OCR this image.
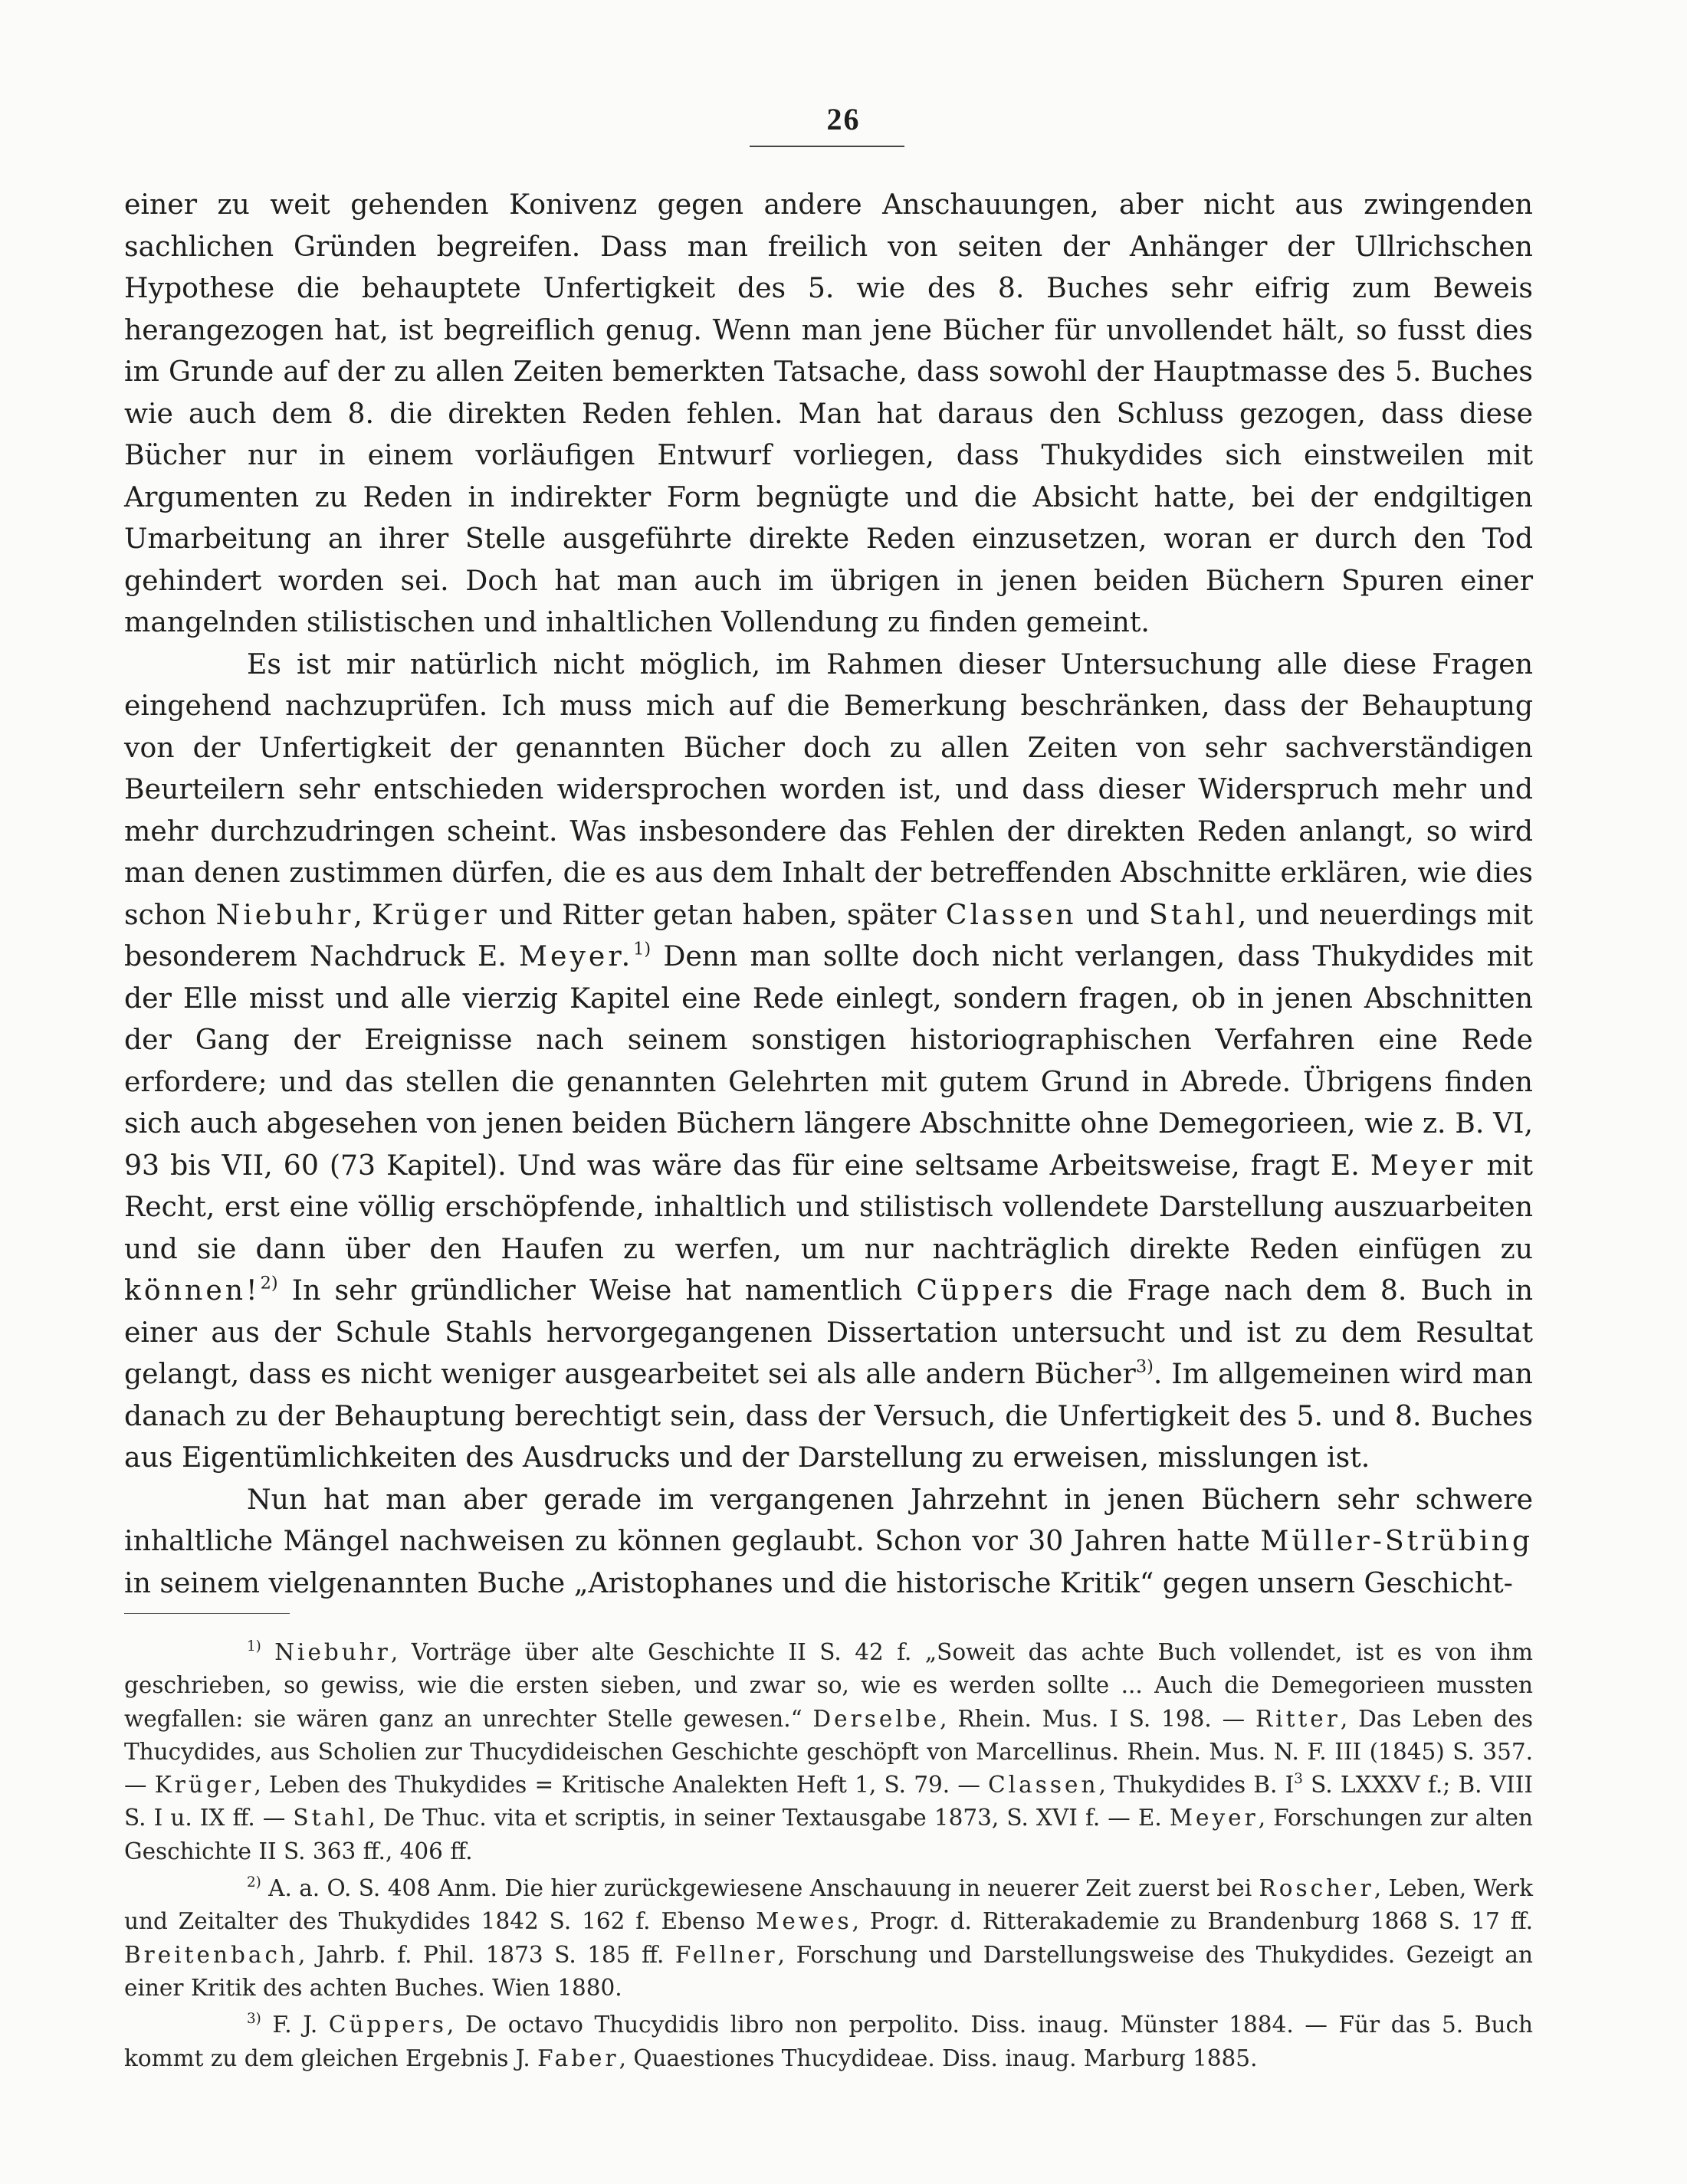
26

einer zu weit gehenden Konivenz gegen andere Anschauungen, aber nicht aus zwingenden sachlichen Gründen begreifen. Dass man freilich von seiten der Anhänger der Ullrichschen Hypothese die behauptete Unfertigkeit des 5. wie des 8. Buches sehr eifrig zum Beweis herangezogen hat, ist begreiflich genug. Wenn man jene Bücher für unvollendet hält, so fusst dies im Grunde auf der zu allen Zeiten bemerkten Tatsache, dass sowohl der Hauptmasse des 5. Buches wie auch dem 8. die direkten Reden fehlen. Man hat daraus den Schluss gezogen, dass diese Bücher nur in einem vorläufigen Entwurf vorliegen, dass Thukydides sich einstweilen mit Argumenten zu Reden in indirekter Form begnügte und die Absicht hatte, bei der endgiltigen Umarbeitung an ihrer Stelle ausgeführte direkte Reden einzusetzen, woran er durch den Tod gehindert worden sei. Doch hat man auch im übrigen in jenen beiden Büchern Spuren einer mangelnden stilistischen und inhaltlichen Vollendung zu finden gemeint.

Es ist mir natürlich nicht möglich, im Rahmen dieser Untersuchung alle diese Fragen eingehend nachzuprüfen. Ich muss mich auf die Bemerkung beschränken, dass der Behauptung von der Unfertigkeit der genannten Bücher doch zu allen Zeiten von sehr sachverständigen Beurteilern sehr entschieden widersprochen worden ist, und dass dieser Widerspruch mehr und mehr durchzudringen scheint. Was insbesondere das Fehlen der direkten Reden anlangt, so wird man denen zustimmen dürfen, die es aus dem Inhalt der betreffenden Abschnitte erklären, wie dies schon Niebuhr, Krüger und Ritter getan haben, später Classen und Stahl, und neuerdings mit besonderem Nachdruck E. Meyer.$^{1)}$ Denn man sollte doch nicht verlangen, dass Thukydides mit der Elle misst und alle vierzig Kapitel eine Rede einlegt, sondern fragen, ob in jenen Abschnitten der Gang der Ereignisse nach seinem sonstigen historiographischen Verfahren eine Rede erfordere; und das stellen die genannten Gelehrten mit gutem Grund in Abrede. Übrigens finden sich auch abgesehen von jenen beiden Büchern längere Abschnitte ohne Demegorieen, wie z. B. VI, 93 bis VII, 60 (73 Kapitel). Und was wäre das für eine seltsame Arbeitsweise, fragt E. Meyer mit Recht, erst eine völlig erschöpfende, inhaltlich und stilistisch vollendete Darstellung auszuarbeiten und sie dann über den Haufen zu werfen, um nur nachträglich direkte Reden einfügen zu können!$^{2)}$ In sehr gründlicher Weise hat namentlich Cüppers die Frage nach dem 8. Buch in einer aus der Schule Stahls hervorgegangenen Dissertation untersucht und ist zu dem Resultat gelangt, dass es nicht weniger ausgearbeitet sei als alle andern Bücher$^{3)}$. Im allgemeinen wird man danach zu der Behauptung berechtigt sein, dass der Versuch, die Unfertigkeit des 5. und 8. Buches aus Eigentümlichkeiten des Ausdrucks und der Darstellung zu erweisen, misslungen ist.

Nun hat man aber gerade im vergangenen Jahrzehnt in jenen Büchern sehr schwere inhaltliche Mängel nachweisen zu können geglaubt. Schon vor 30 Jahren hatte Müller-Strübing in seinem vielgenannten Buche „Aristophanes und die historische Kritik“ gegen unsern Geschicht-

$^{1)}$ Niebuhr, Vorträge über alte Geschichte II S. 42 f. „Soweit das achte Buch vollendet, ist es von ihm geschrieben, so gewiss, wie die ersten sieben, und zwar so, wie es werden sollte ... Auch die Demegorieen mussten wegfallen: sie wären ganz an unrechter Stelle gewesen.“ Derselbe, Rhein. Mus. I S. 198. — Ritter, Das Leben des Thucydides, aus Scholien zur Thucydideischen Geschichte geschöpft von Marcellinus. Rhein. Mus. N. F. III (1845) S. 357. — Krüger, Leben des Thukydides = Kritische Analekten Heft 1, S. 79. — Classen, Thukydides B. $I^3$ S. LXXXV f.; B. VIII S. I u. IX ff. — Stahl, De Thuc. vita et scriptis, in seiner Textausgabe 1873, S. XVI f. — E. Meyer, Forschungen zur alten Geschichte II S. 363 ff., 406 ff.

$^{2)}$ A. a. O. S. 408 Anm. Die hier zurückgewiesene Anschauung in neuerer Zeit zuerst bei Roscher, Leben, Werk und Zeitalter des Thukydides 1842 S. 162 f. Ebenso Mewes, Progr. d. Ritterakademie zu Brandenburg 1868 S. 17 ff. Breitenbach, Jahrb. f. Phil. 1873 S. 185 ff. Fellner, Forschung und Darstellungsweise des Thukydides. Gezeigt an einer Kritik des achten Buches. Wien 1880.

$^{3)}$ F. J. Cüppers, De octavo Thucydidis libro non perpolito. Diss. inaug. Münster 1884. — Für das 5. Buch kommt zu dem gleichen Ergebnis J. Faber, Quaestiones Thucydideae. Diss. inaug. Marburg 1885.
